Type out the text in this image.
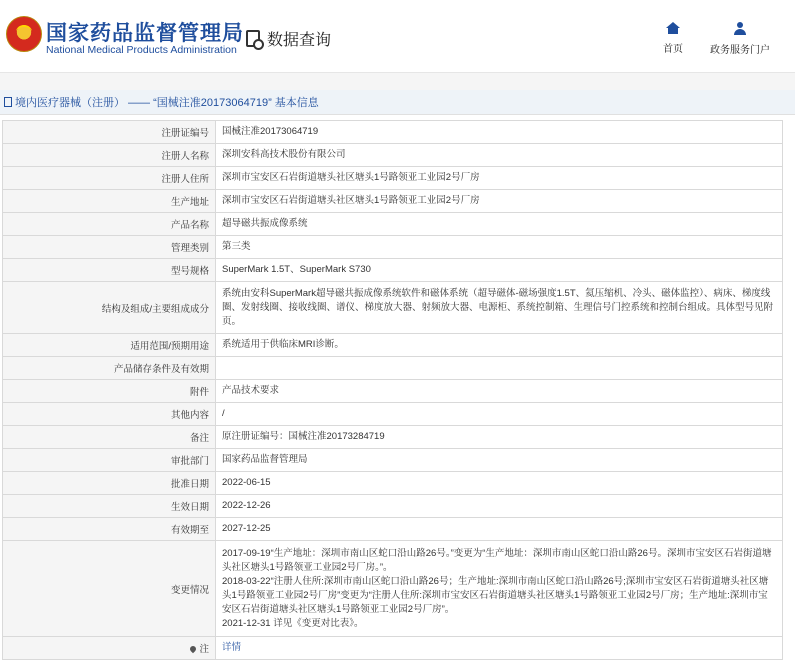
国家药品监督管理局
National Medical Products Administration
数据查询
首页	政务服务门户
境内医疗器械（注册） —— “国械注准20173064719” 基本信息
注册证编号	国械注准20173064719
注册人名称	深圳安科高技术股份有限公司
注册人住所	深圳市宝安区石岩街道塘头社区塘头1号路领亚工业园2号厂房
生产地址	深圳市宝安区石岩街道塘头社区塘头1号路领亚工业园2号厂房
产品名称	超导磁共振成像系统
管理类别	第三类
型号规格	SuperMark 1.5T、SuperMark S730
结构及组成/主要组成成分	系统由安科SuperMark超导磁共振成像系统软件和磁体系统（超导磁体-磁场强度1.5T、氦压缩机、冷头、磁体监控）、病床、梯度线圈、发射线圈、接收线圈、谱仪、梯度放大器、射频放大器、电源柜、系统控制箱、生理信号门控系统和控制台组成。具体型号见附页。
适用范围/预期用途	系统适用于供临床MRI诊断。
产品储存条件及有效期	
附件	产品技术要求
其他内容	/
备注	原注册证编号：国械注准20173284719
审批部门	国家药品监督管理局
批准日期	2022-06-15
生效日期	2022-12-26
有效期至	2027-12-25
变更情况	2017-09-19“生产地址：深圳市南山区蛇口沿山路26号。”变更为“生产地址：深圳市南山区蛇口沿山路26号。深圳市宝安区石岩街道塘头社区塘头1号路领亚工业园2号厂房。”。
2018-03-22“注册人住所:深圳市南山区蛇口沿山路26号；生产地址:深圳市南山区蛇口沿山路26号;深圳市宝安区石岩街道塘头社区塘头1号路领亚工业园2号厂房”变更为“注册人住所:深圳市宝安区石岩街道塘头社区塘头1号路领亚工业园2号厂房；生产地址:深圳市宝安区石岩街道塘头社区塘头1号路领亚工业园2号厂房”。
2021-12-31 详见《变更对比表》。

注	详情
